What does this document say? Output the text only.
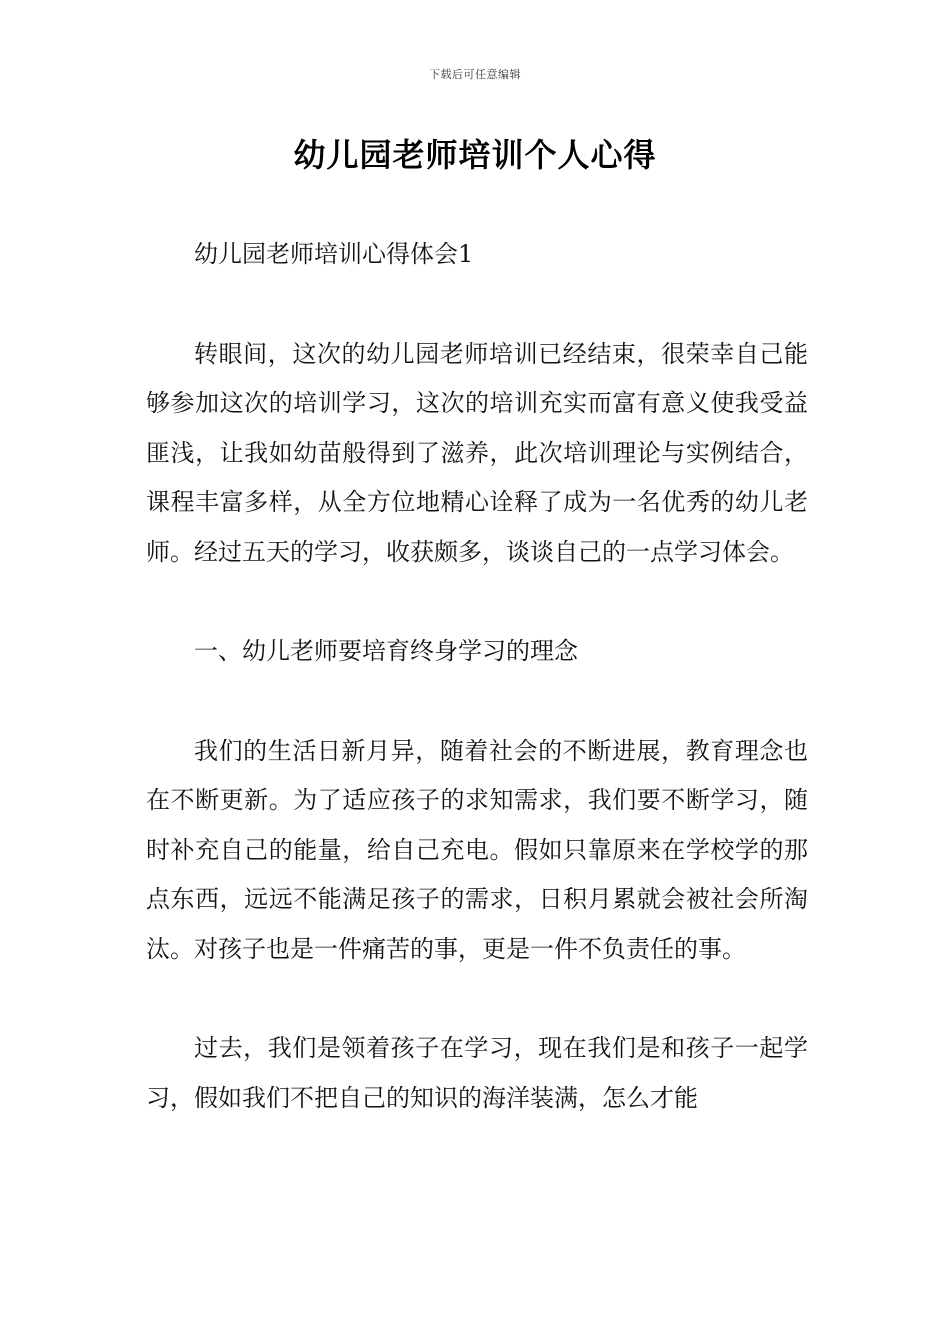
下载后可任意编辑
幼儿园老师培训个人心得

幼儿园老师培训心得体会1

转眼间，这次的幼儿园老师培训已经结束，很荣幸自己能够参加这次的培训学习，这次的培训充实而富有意义使我受益匪浅，让我如幼苗般得到了滋养，此次培训理论与实例结合，课程丰富多样，从全方位地精心诠释了成为一名优秀的幼儿老师。经过五天的学习，收获颇多，谈谈自己的一点学习体会。

一、幼儿老师要培育终身学习的理念

我们的生活日新月异，随着社会的不断进展，教育理念也在不断更新。为了适应孩子的求知需求，我们要不断学习，随时补充自己的能量，给自己充电。假如只靠原来在学校学的那点东西，远远不能满足孩子的需求，日积月累就会被社会所淘汰。对孩子也是一件痛苦的事，更是一件不负责任的事。

过去，我们是领着孩子在学习，现在我们是和孩子一起学习，假如我们不把自己的知识的海洋装满，怎么才能
